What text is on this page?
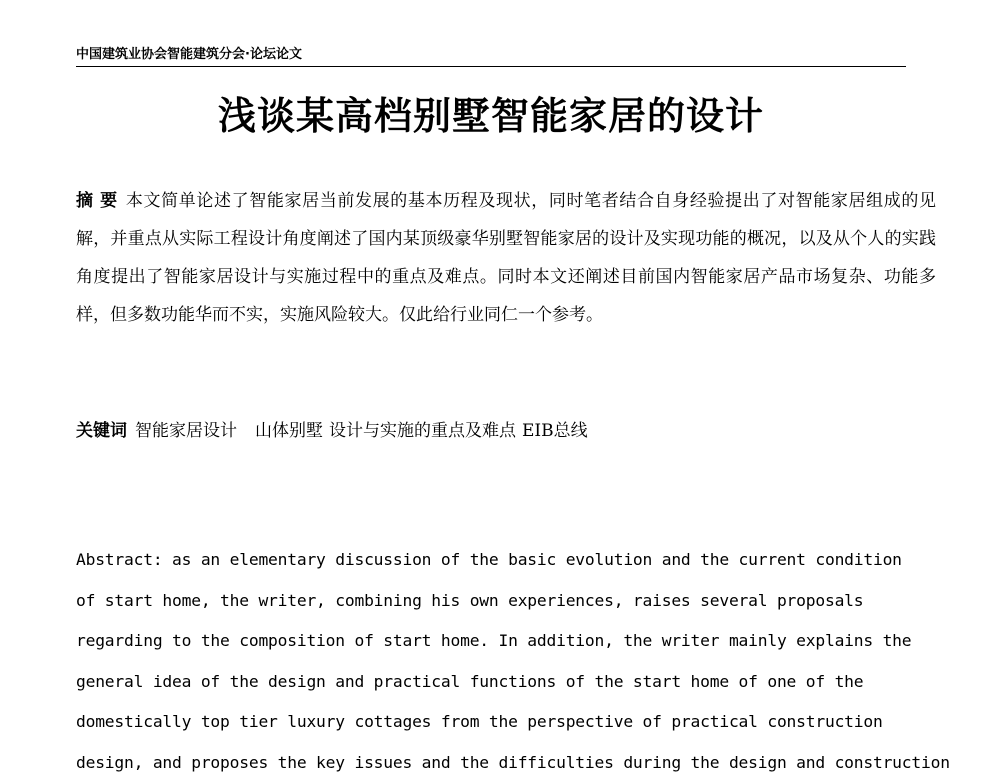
中国建筑业协会智能建筑分会·论坛论文
浅谈某高档别墅智能家居的设计
摘 要 本文简单论述了智能家居当前发展的基本历程及现状，同时笔者结合自身经验提出了对智能家居组成的见解，并重点从实际工程设计角度阐述了国内某顶级豪华别墅智能家居的设计及实现功能的概况，以及从个人的实践角度提出了智能家居设计与实施过程中的重点及难点。同时本文还阐述目前国内智能家居产品市场复杂、功能多样，但多数功能华而不实，实施风险较大。仅此给行业同仁一个参考。
关键词 智能家居设计 山体别墅 设计与实施的重点及难点 EIB总线
Abstract: as an elementary discussion of the basic evolution and the current condition
of start home, the writer, combining his own experiences, raises several proposals
regarding to the composition of start home. In addition, the writer mainly explains the
general idea of the design and practical functions of the start home of one of the
domestically top tier luxury cottages from the perspective of practical construction
design, and proposes the key issues and the difficulties during the design and construction
